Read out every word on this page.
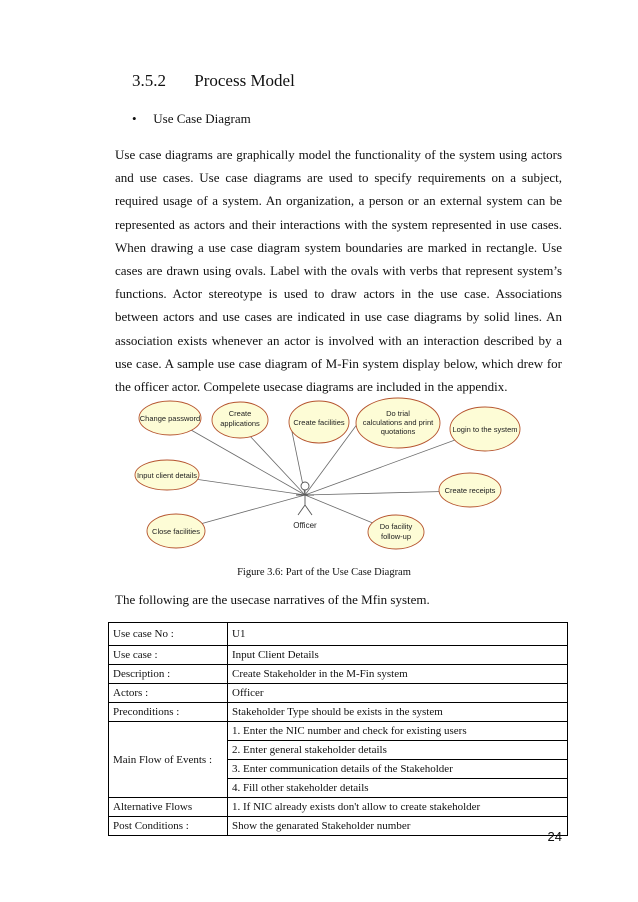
3.5.2 Process Model
• Use Case Diagram

Use case diagrams are graphically model the functionality of the system using actors and use cases. Use case diagrams are used to specify requirements on a subject, required usage of a system. An organization, a person or an external system can be represented as actors and their interactions with the system represented in use cases. When drawing a use case diagram system boundaries are marked in rectangle. Use cases are drawn using ovals. Label with the ovals with verbs that represent system’s functions. Actor stereotype is used to draw actors in the use case. Associations between actors and use cases are indicated in use case diagrams by solid lines. An association exists whenever an actor is involved with an interaction described by a use case. A sample use case diagram of M-Fin system display below, which drew for the officer actor. Compelete usecase diagrams are included in the appendix.

Officer
Change password
Create
applications	Create facilities
Do trial
calculations and print
quotations	Login to the system
Input client details
Create receipts
Close facilities
Do facility
follow-up
Figure 3.6: Part of the Use Case Diagram
The following are the usecase narratives of the Mfin system.
Use case No :	U1
Use case :	Input Client Details
Description :	Create Stakeholder in the M-Fin system
Actors :	Officer
Preconditions :	Stakeholder Type should be exists in the system
Main Flow of Events :	1. Enter the NIC number and check for existing users
	2. Enter general stakeholder details
	3. Enter communication details of the Stakeholder
	4. Fill other stakeholder details
Alternative Flows	1. If NIC already exists don't allow to create stakeholder
Post Conditions :	Show the genarated Stakeholder number
24
